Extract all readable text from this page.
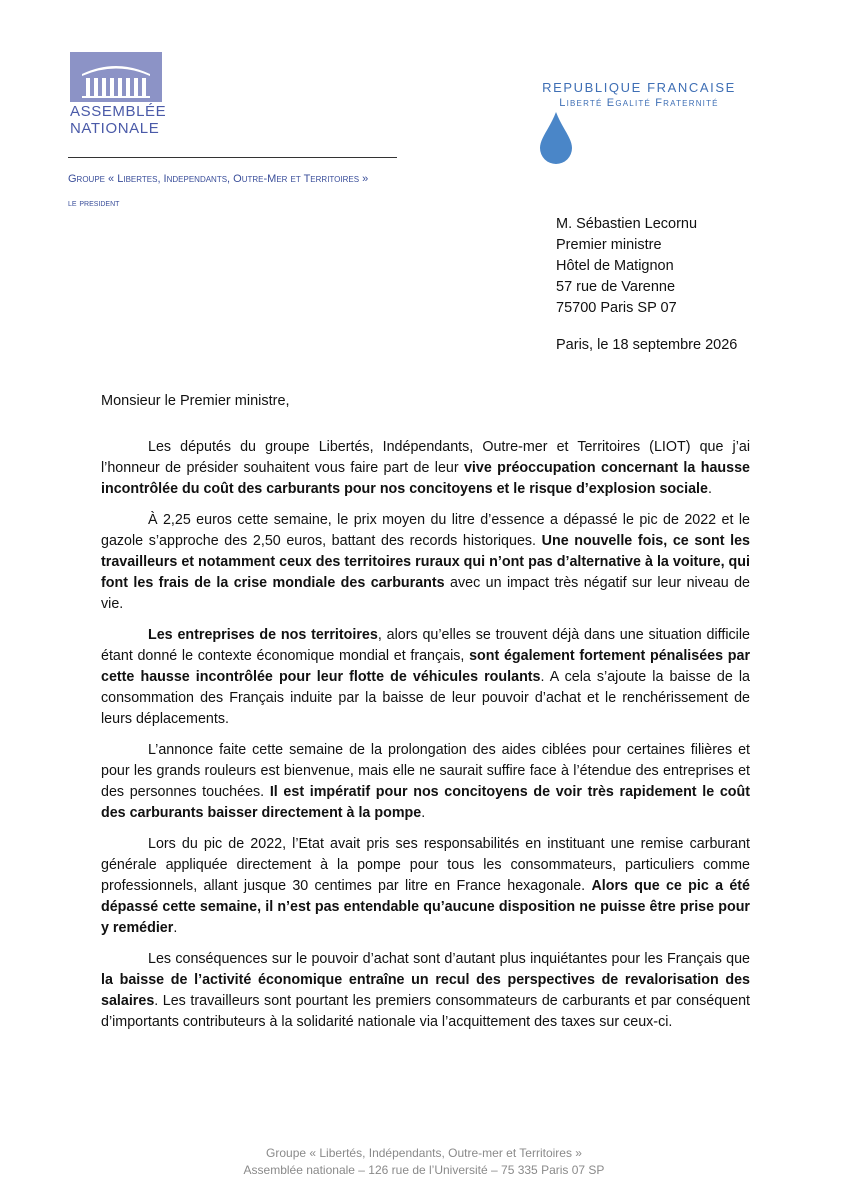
ASSEMBLÉE
NATIONALE
REPUBLIQUE FRANCAISE
Liberté Egalité Fraternité
Groupe « Libertes, Independants, Outre-Mer et Territoires »
le president
M. Sébastien Lecornu
Premier ministre
Hôtel de Matignon
57 rue de Varenne
75700 Paris SP 07
Paris, le 18 septembre 2026
Monsieur le Premier ministre,

Les députés du groupe Libertés, Indépendants, Outre-mer et Territoires (LIOT) que j’ai l’honneur de présider souhaitent vous faire part de leur vive préoccupation concernant la hausse incontrôlée du coût des carburants pour nos concitoyens et le risque d’explosion sociale.

À 2,25 euros cette semaine, le prix moyen du litre d’essence a dépassé le pic de 2022 et le gazole s’approche des 2,50 euros, battant des records historiques. Une nouvelle fois, ce sont les travailleurs et notamment ceux des territoires ruraux qui n’ont pas d’alternative à la voiture, qui font les frais de la crise mondiale des carburants avec un impact très négatif sur leur niveau de vie.

Les entreprises de nos territoires, alors qu’elles se trouvent déjà dans une situation difficile étant donné le contexte économique mondial et français, sont également fortement pénalisées par cette hausse incontrôlée pour leur flotte de véhicules roulants. A cela s’ajoute la baisse de la consommation des Français induite par la baisse de leur pouvoir d’achat et le renchérissement de leurs déplacements.

L’annonce faite cette semaine de la prolongation des aides ciblées pour certaines filières et pour les grands rouleurs est bienvenue, mais elle ne saurait suffire face à l’étendue des entreprises et des personnes touchées. Il est impératif pour nos concitoyens de voir très rapidement le coût des carburants baisser directement à la pompe.

Lors du pic de 2022, l’Etat avait pris ses responsabilités en instituant une remise carburant générale appliquée directement à la pompe pour tous les consommateurs, particuliers comme professionnels, allant jusque 30 centimes par litre en France hexagonale. Alors que ce pic a été dépassé cette semaine, il n’est pas entendable qu’aucune disposition ne puisse être prise pour y remédier.

Les conséquences sur le pouvoir d’achat sont d’autant plus inquiétantes pour les Français que la baisse de l’activité économique entraîne un recul des perspectives de revalorisation des salaires. Les travailleurs sont pourtant les premiers consommateurs de carburants et par conséquent d’importants contributeurs à la solidarité nationale via l’acquittement des taxes sur ceux-ci.

Groupe « Libertés, Indépendants, Outre-mer et Territoires »
Assemblée nationale – 126 rue de l’Université – 75 335 Paris 07 SP
